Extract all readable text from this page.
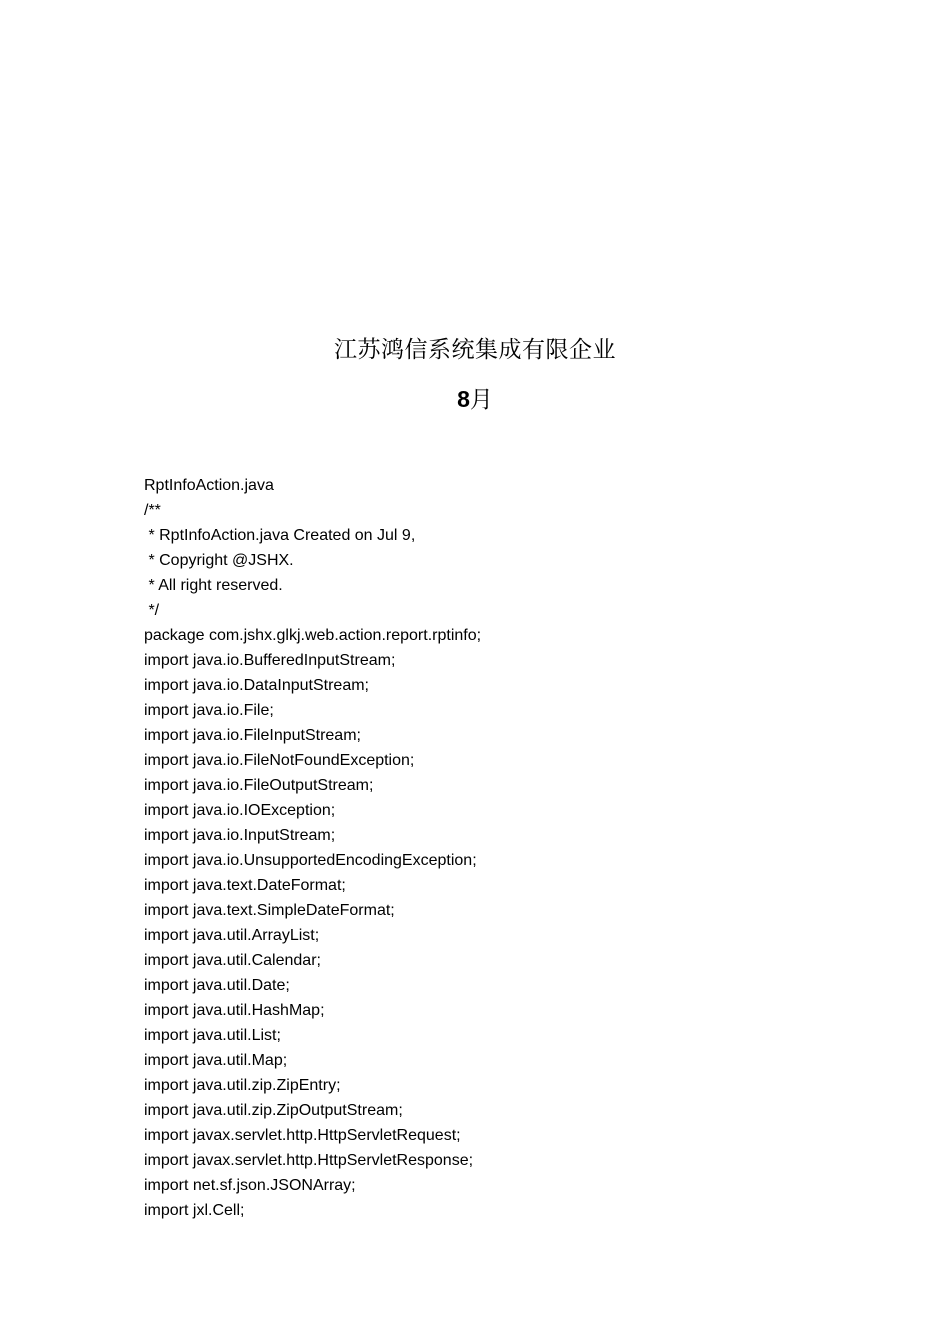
江苏鸿信系统集成有限企业
8月
RptInfoAction.java
/**
* RptInfoAction.java Created on Jul 9,
* Copyright @JSHX.
* All right reserved.
*/
package com.jshx.glkj.web.action.report.rptinfo;
import java.io.BufferedInputStream;
import java.io.DataInputStream;
import java.io.File;
import java.io.FileInputStream;
import java.io.FileNotFoundException;
import java.io.FileOutputStream;
import java.io.IOException;
import java.io.InputStream;
import java.io.UnsupportedEncodingException;
import java.text.DateFormat;
import java.text.SimpleDateFormat;
import java.util.ArrayList;
import java.util.Calendar;
import java.util.Date;
import java.util.HashMap;
import java.util.List;
import java.util.Map;
import java.util.zip.ZipEntry;
import java.util.zip.ZipOutputStream;
import javax.servlet.http.HttpServletRequest;
import javax.servlet.http.HttpServletResponse;
import net.sf.json.JSONArray;
import jxl.Cell;
